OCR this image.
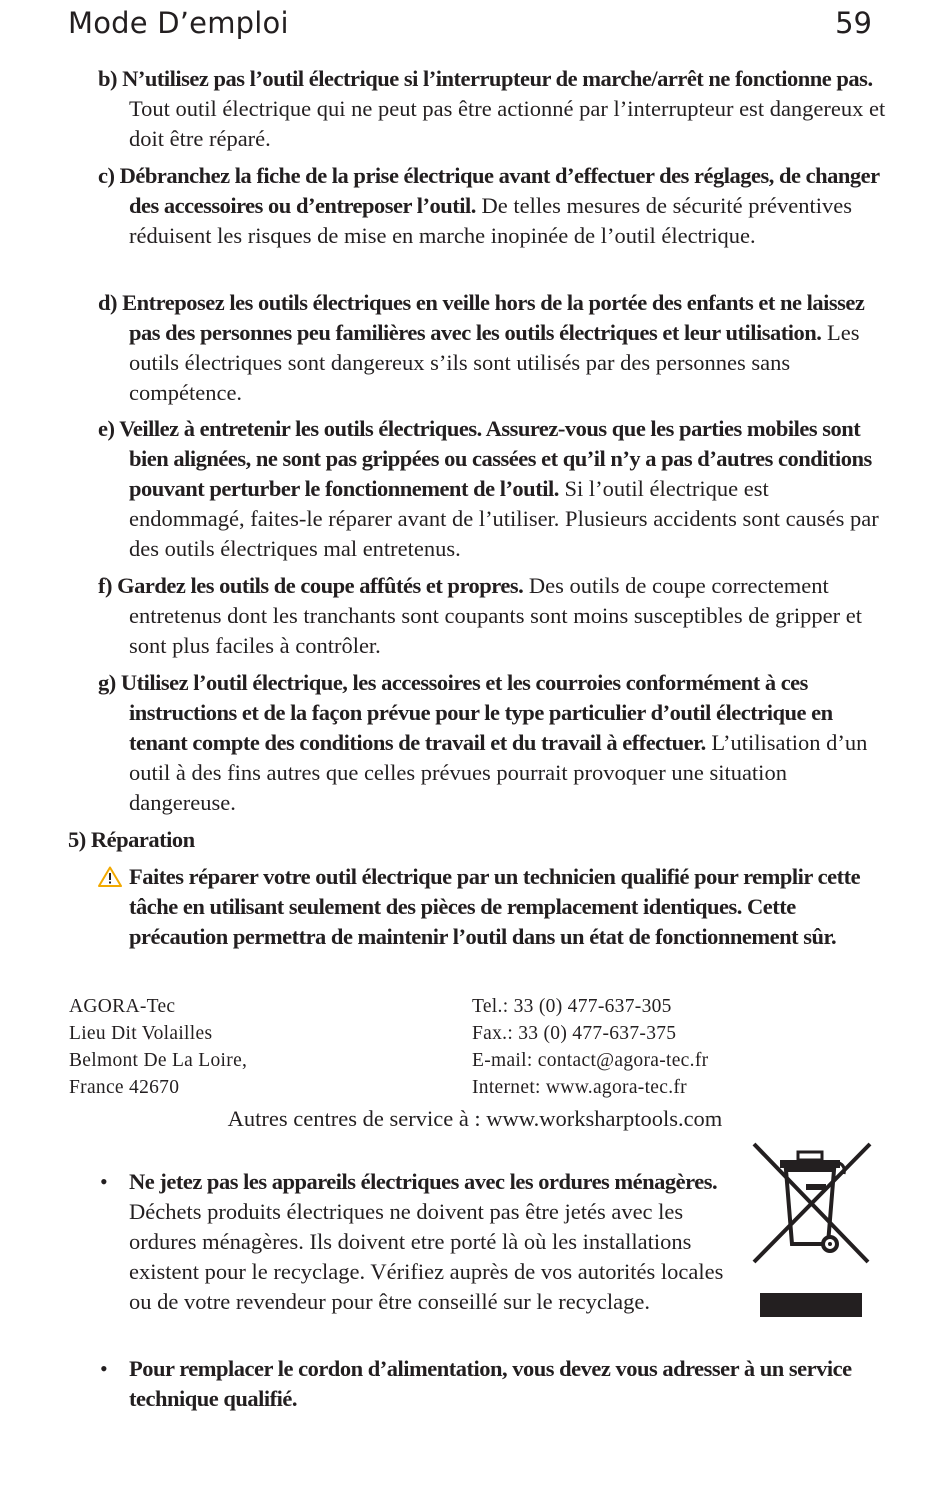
Mode D’emploi	59
b) N’utilisez pas l’outil électrique si l’interrupteur de marche/arrêt ne fonctionne pas. Tout outil électrique qui ne peut pas être actionné par l’interrupteur est dangereux et doit être réparé.
c) Débranchez la fiche de la prise électrique avant d’effectuer des réglages, de changer des accessoires ou d’entreposer l’outil. De telles mesures de sécurité préventives réduisent les risques de mise en marche inopinée de l’outil électrique.
d) Entreposez les outils électriques en veille hors de la portée des enfants et ne laissez pas des personnes peu familières avec les outils électriques et leur utilisation. Les outils électriques sont dangereux s’ils sont utilisés par des personnes sans compétence.
e) Veillez à entretenir les outils électriques. Assurez-vous que les parties mobiles sont bien alignées, ne sont pas grippées ou cassées et qu’il n’y a pas d’autres conditions pouvant perturber le fonctionnement de l’outil. Si l’outil électrique est endommagé, faites-le réparer avant de l’utiliser. Plusieurs accidents sont causés par des outils électriques mal entretenus.
f) Gardez les outils de coupe affûtés et propres. Des outils de coupe correctement entretenus dont les tranchants sont coupants sont moins susceptibles de gripper et sont plus faciles à contrôler.
g) Utilisez l’outil électrique, les accessoires et les courroies conformément à ces instructions et de la façon prévue pour le type particulier d’outil électrique en tenant compte des conditions de travail et du travail à effectuer. L’utilisation d’un outil à des fins autres que celles prévues pourrait provoquer une situation dangereuse.
5) Réparation
Faites réparer votre outil électrique par un technicien qualifié pour remplir cette tâche en utilisant seulement des pièces de remplacement identiques. Cette précaution permettra de maintenir l’outil dans un état de fonctionnement sûr.
AGORA-Tec
Lieu Dit Volailles
Belmont De La Loire,
France 42670
Tel.: 33 (0) 477-637-305
Fax.: 33 (0) 477-637-375
E-mail: contact@agora-tec.fr
Internet: www.agora-tec.fr
Autres centres de service à : www.worksharptools.com
• Ne jetez pas les appareils électriques avec les ordures ménagères. Déchets produits électriques ne doivent pas être jetés avec les ordures ménagères. Ils doivent etre porté là où les installations existent pour le recyclage. Vérifiez auprès de vos autorités locales ou de votre revendeur pour être conseillé sur le recyclage.
• Pour remplacer le cordon d’alimentation, vous devez vous adresser à un service technique qualifié.
